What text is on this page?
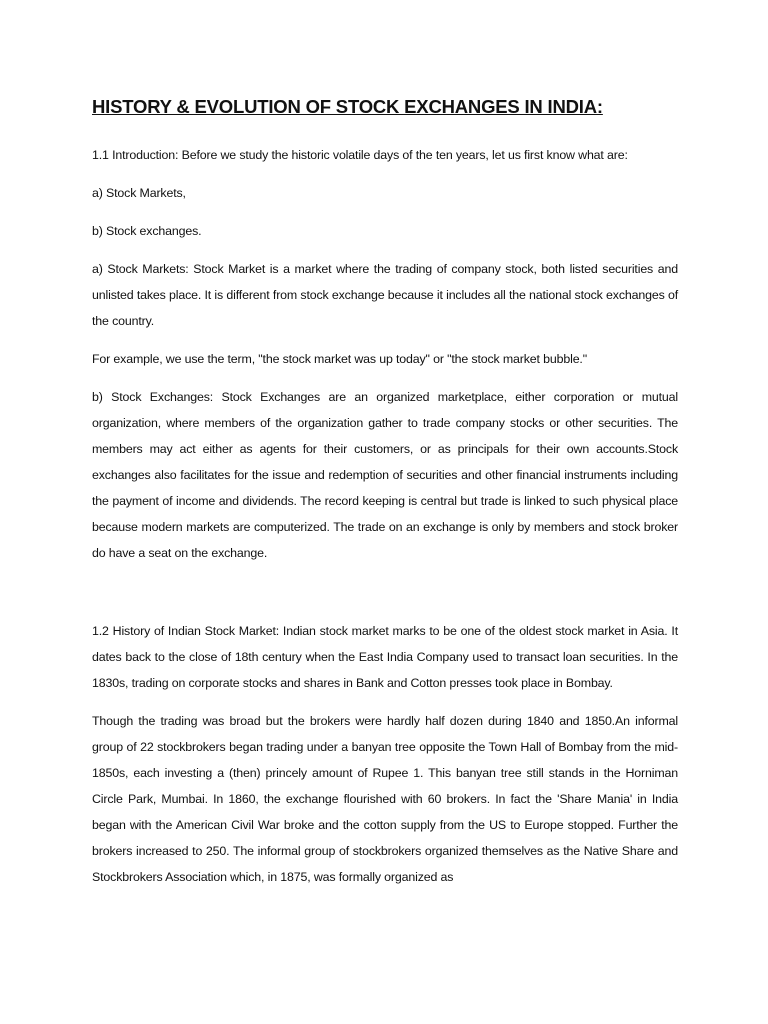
HISTORY & EVOLUTION OF STOCK EXCHANGES IN INDIA:
1.1 Introduction: Before we study the historic volatile days of the ten years, let us first know what are:
a) Stock Markets,
b) Stock exchanges.
a) Stock Markets: Stock Market is a market where the trading of company stock, both listed securities and unlisted takes place. It is different from stock exchange because it includes all the national stock exchanges of the country.
For example, we use the term, "the stock market was up today" or "the stock market bubble."
b) Stock Exchanges: Stock Exchanges are an organized marketplace, either corporation or mutual organization, where members of the organization gather to trade company stocks or other securities. The members may act either as agents for their customers, or as principals for their own accounts.Stock exchanges also facilitates for the issue and redemption of securities and other financial instruments including the payment of income and dividends. The record keeping is central but trade is linked to such physical place because modern markets are computerized. The trade on an exchange is only by members and stock broker do have a seat on the exchange.
1.2 History of Indian Stock Market: Indian stock market marks to be one of the oldest stock market in Asia. It dates back to the close of 18th century when the East India Company used to transact loan securities. In the 1830s, trading on corporate stocks and shares in Bank and Cotton presses took place in Bombay.
Though the trading was broad but the brokers were hardly half dozen during 1840 and 1850.An informal group of 22 stockbrokers began trading under a banyan tree opposite the Town Hall of Bombay from the mid-1850s, each investing a (then) princely amount of Rupee 1. This banyan tree still stands in the Horniman Circle Park, Mumbai. In 1860, the exchange flourished with 60 brokers. In fact the 'Share Mania' in India began with the American Civil War broke and the cotton supply from the US to Europe stopped. Further the brokers increased to 250. The informal group of stockbrokers organized themselves as the Native Share and Stockbrokers Association which, in 1875, was formally organized as
